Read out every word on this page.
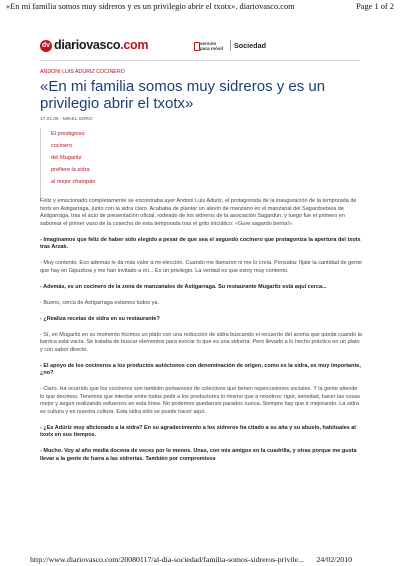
«En mi familia somos muy sidreros y es un privilegio abrir el txotx». diariovasco.com	Page 1 of 2
dv diariovasco.com	versión
para móvil Sociedad
ANDONI LUIS ADURIZ COCINERO
«En mi familia somos muy sidreros y es un privilegio abrir el txotx»
17.01.08 - MIKEL SORO
El prestigioso
cocinero
del Mugaritz
prefiere la sidra
al mejor champán

Feliz y emocionado completamente se encontraba ayer Andoni Luis Aduriz, el protagonista de la inauguración de la temporada de txotx en Astigarraga, junto con la sidra claro. Acababa de plantar un alevín de manzano en el manzanal del Sagardoetxea de Astigarraga, tras el acto de presentación oficial, rodeado de los sidreros de la asociación Sagardun, y luego fue el primero en saborear el primer vaso de la cosecha de esta temporada tras el grito iniciático: «Gure sagardo berria!».

- Imaginamos que feliz de haber sido elegido a pesar de que sea el segundo cocinero que protagoniza la apertura del txotx tras Arzak.

- Muy contento. Eso además le da más valor a mi elección. Cuando me llamaron ni me lo creía. Pensaba: fíjate la cantidad de gente que hay en Gipuzkoa y me han invitado a mí... Es un privilegio. La verdad es que estoy muy contento.

- Además, es un cocinero de la zona de manzanales de Astigarraga. Su restaurante Mugaritz está aquí cerca...

- Bueno, cerca de Astigarraga estamos todos ya.

- ¿Realiza recetas de sidra en su restaurante?

- Sí, en Mugaritz en su momento hicimos un plato con una reducción de sidra buscando el recuerdo del aroma que queda cuando la barrica está vacía. Se trataba de buscar elementos para evocar lo que es una sidrería. Pero llevado a lo hecho práctico en un plato y con sabor directo.

- El apoyo de los cocineros a los productos autóctonos con denominación de origen, como es la sidra, es muy importante, ¿no?

- Claro. Ha ocurrido que los cocineros son también portavoces de colectivos que tienen repercusiones sociales. Y la gente atiende lo que decimos. Tenemos que intentar entre todos pedir a los productores lo mismo que a nosotros: rigor, seriedad, hacer las cosas mejor y seguir realizando esfuerzos en esta línea. No podemos quedarnos parados nunca. Siempre hay que ir mejorando. La sidra es cultura y es nuestra cultura. Esta sidra sólo se puede hacer aquí.

- ¿Es Adúriz muy aficionado a la sidra? En su agradecimiento a los sidreros ha citado a su aita y su abuelo, habituales al txotx en sus tiempos.

- Mucho. Voy al año media docena de veces por lo menos. Unas, con mis amigos en la cuadrilla, y otras porque me gusta llevar a la gente de fuera a las sidrerías. También por compromisos

http://www.diariovasco.com/20080117/al-dia-sociedad/familia-somos-sidreros-privile... 24/02/2010
